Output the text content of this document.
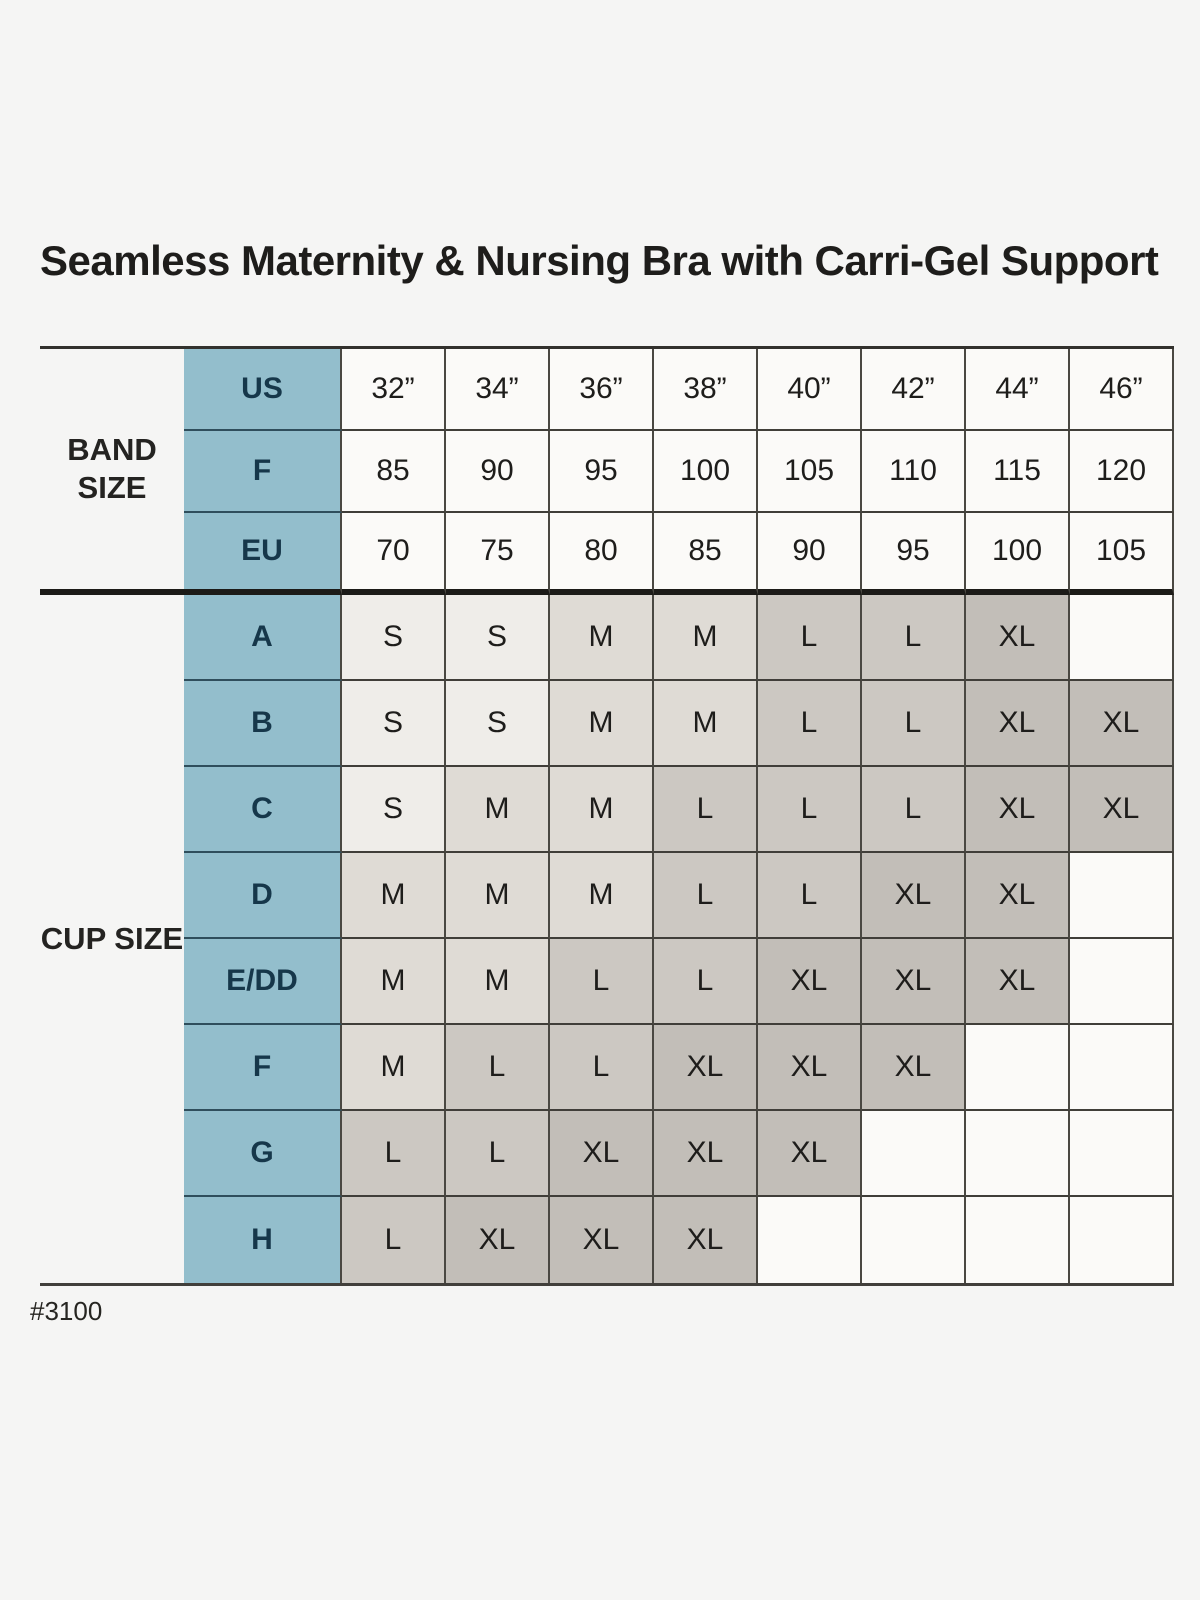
Seamless Maternity & Nursing Bra with Carri-Gel Support
BAND SIZE
US	32”	34”	36”	38”	40”	42”	44”	46”
F	85	90	95	100	105	110	115	120
EU	70	75	80	85	90	95	100	105
CUP SIZE
A	S	S	M	M	L	L	XL
B	S	S	M	M	L	L	XL	XL
C	S	M	M	L	L	L	XL	XL
D	M	M	M	L	L	XL	XL
E/DD	M	M	L	L	XL	XL	XL
F	M	L	L	XL	XL	XL
G	L	L	XL	XL	XL
H	L	XL	XL	XL
#3100
